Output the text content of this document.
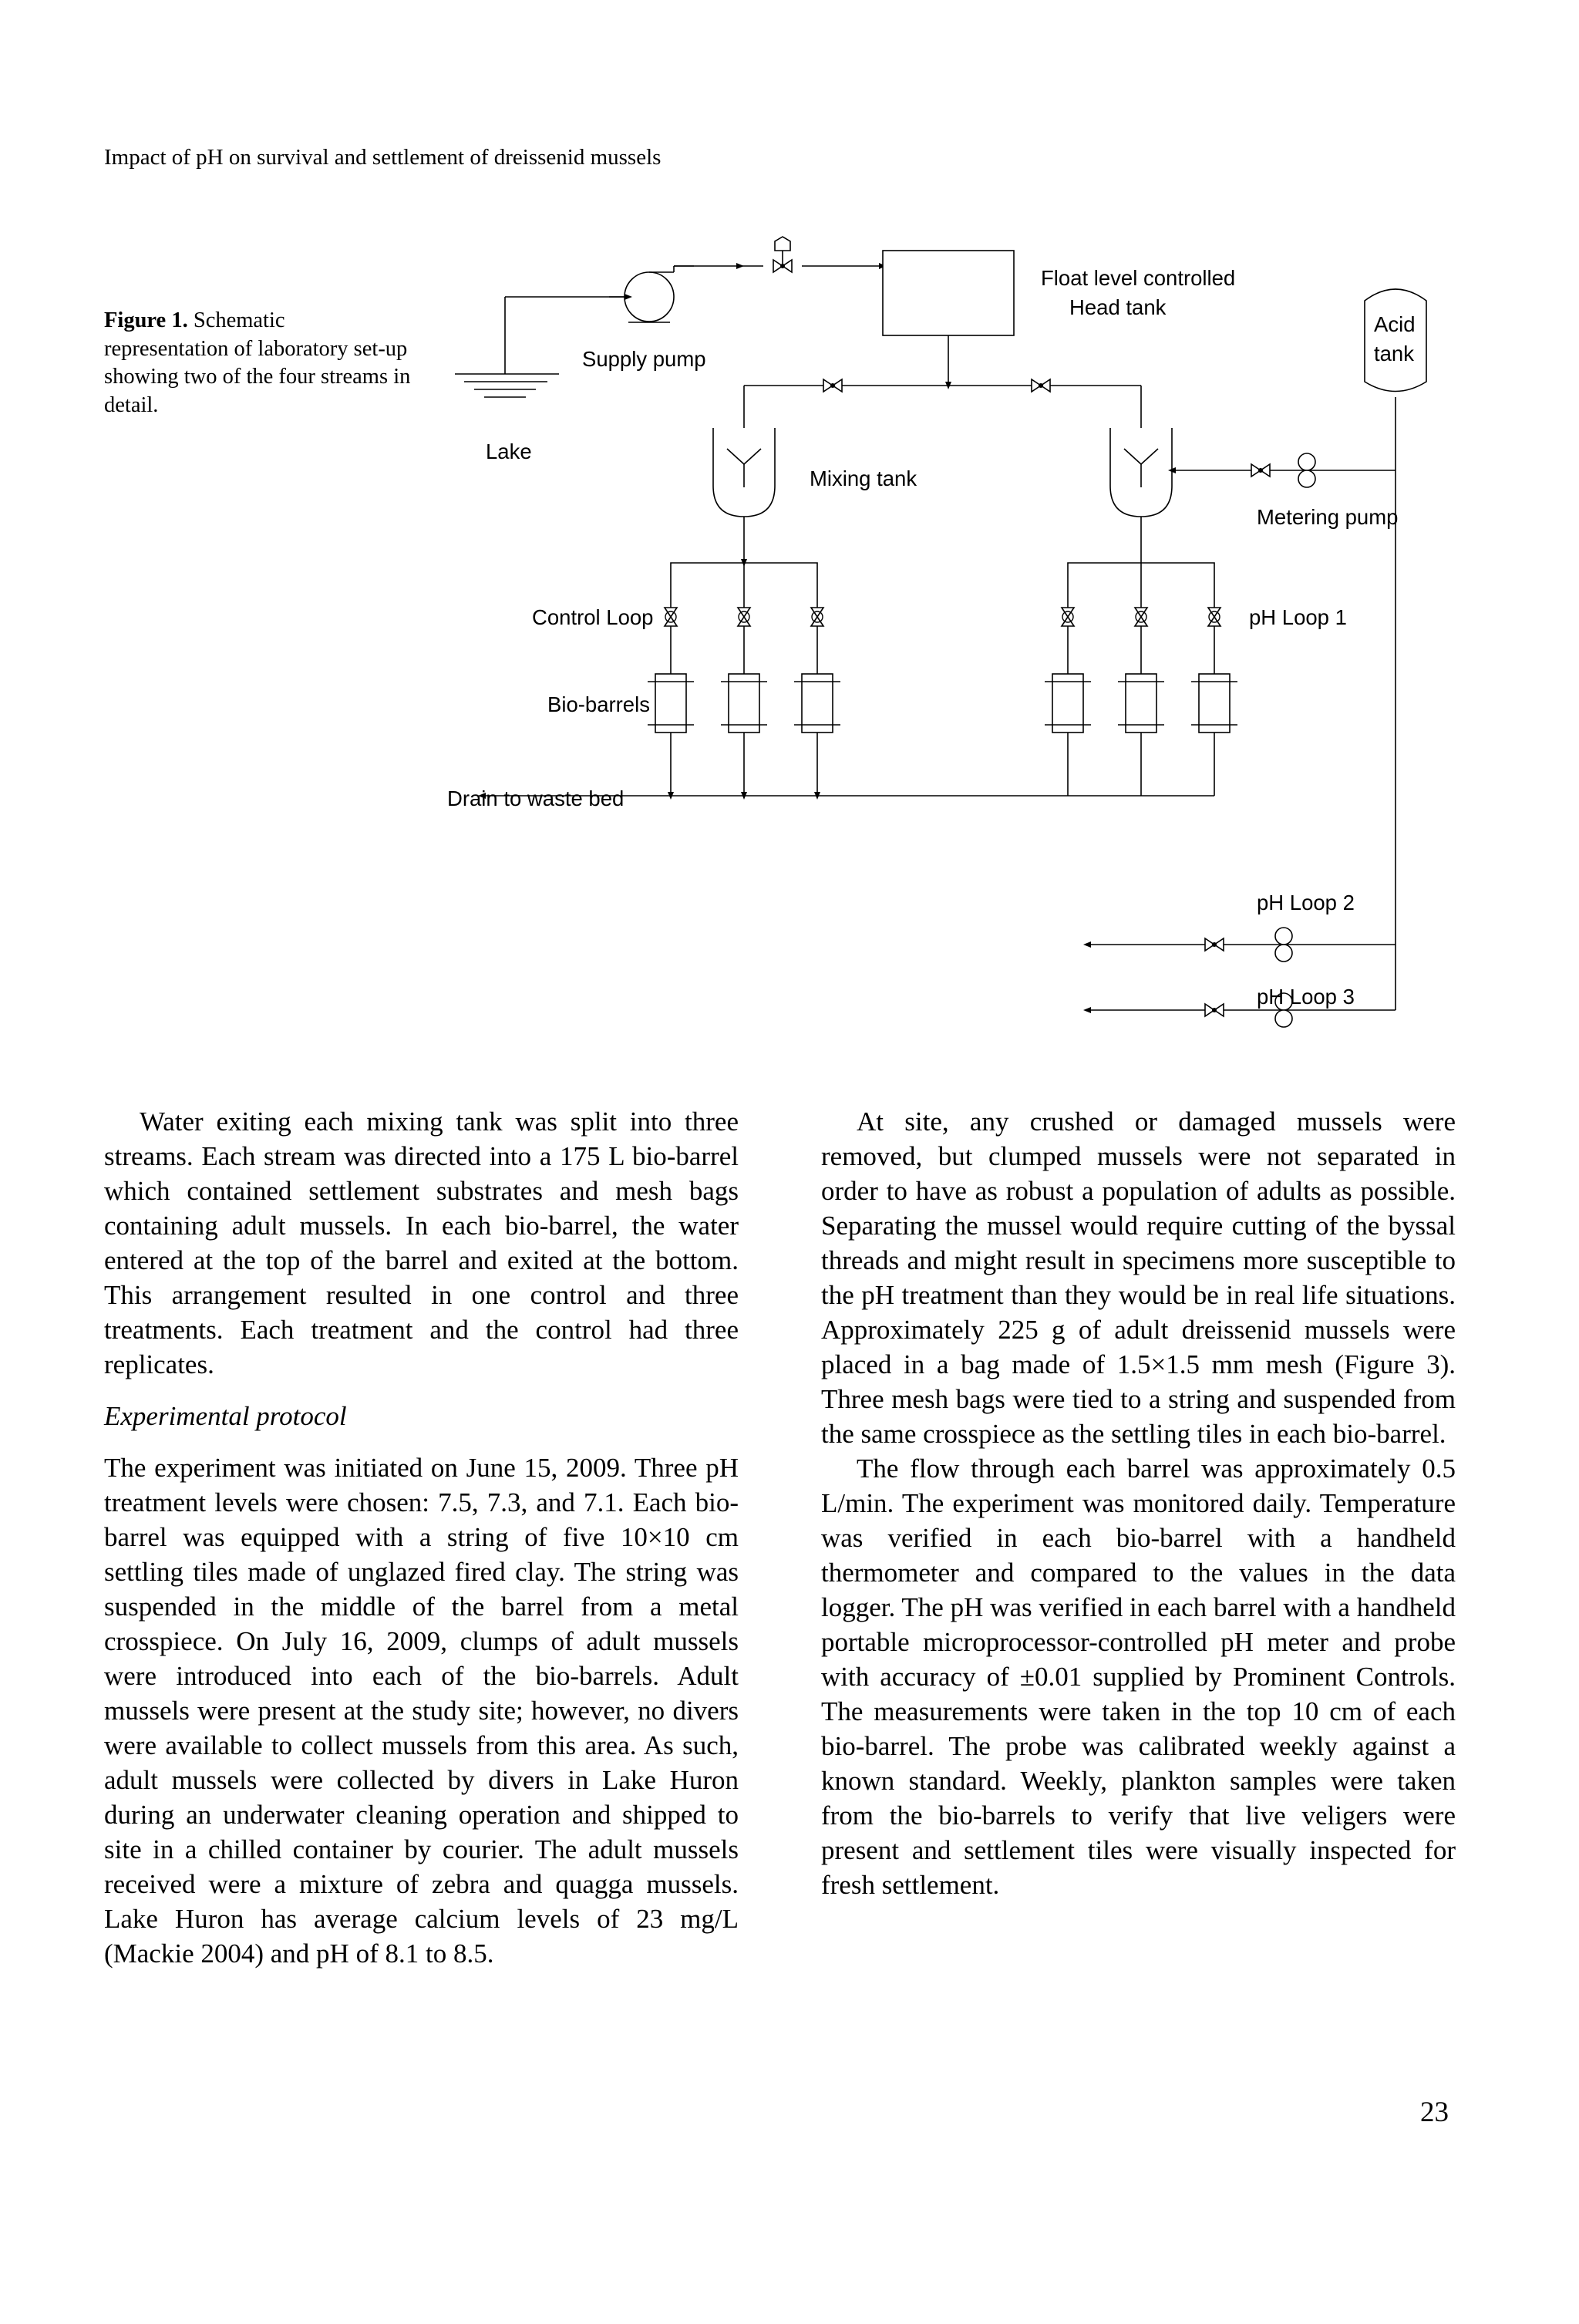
Impact of pH on survival and settlement of dreissenid mussels
Figure 1. Schematic representation of laboratory set-up showing two of the four streams in detail.
Lake
Supply pump
Float level controlled
Head tank
Acid
tank
Mixing tank
Metering pump
Control Loop	pH Loop 1
Bio-barrels
Drain to waste bed
pH Loop 2
pH Loop 3

Water exiting each mixing tank was split into three streams. Each stream was directed into a 175 L bio-barrel which contained settlement substrates and mesh bags containing adult mussels. In each bio-barrel, the water entered at the top of the barrel and exited at the bottom. This arrangement resulted in one control and three treatments. Each treatment and the control had three replicates.

Experimental protocol

The experiment was initiated on June 15, 2009. Three pH treatment levels were chosen: 7.5, 7.3, and 7.1. Each bio-barrel was equipped with a string of five 10×10 cm settling tiles made of unglazed fired clay. The string was suspended in the middle of the barrel from a metal crosspiece. On July 16, 2009, clumps of adult mussels were introduced into each of the bio-barrels. Adult mussels were present at the study site; however, no divers were available to collect mussels from this area. As such, adult mussels were collected by divers in Lake Huron during an underwater cleaning operation and shipped to site in a chilled container by courier. The adult mussels received were a mixture of zebra and quagga mussels. Lake Huron has average calcium levels of 23 mg/L (Mackie 2004) and pH of 8.1 to 8.5.

At site, any crushed or damaged mussels were removed, but clumped mussels were not separated in order to have as robust a population of adults as possible. Separating the mussel would require cutting of the byssal threads and might result in specimens more susceptible to the pH treatment than they would be in real life situations. Approximately 225 g of adult dreissenid mussels were placed in a bag made of 1.5×1.5 mm mesh (Figure 3). Three mesh bags were tied to a string and suspended from the same crosspiece as the settling tiles in each bio-barrel.

The flow through each barrel was approximately 0.5 L/min. The experiment was monitored daily. Temperature was verified in each bio-barrel with a handheld thermometer and compared to the values in the data logger. The pH was verified in each barrel with a handheld portable microprocessor-controlled pH meter and probe with accuracy of ±0.01 supplied by Prominent Controls. The measurements were taken in the top 10 cm of each bio-barrel. The probe was calibrated weekly against a known standard. Weekly, plankton samples were taken from the bio-barrels to verify that live veligers were present and settlement tiles were visually inspected for fresh settlement.

23
